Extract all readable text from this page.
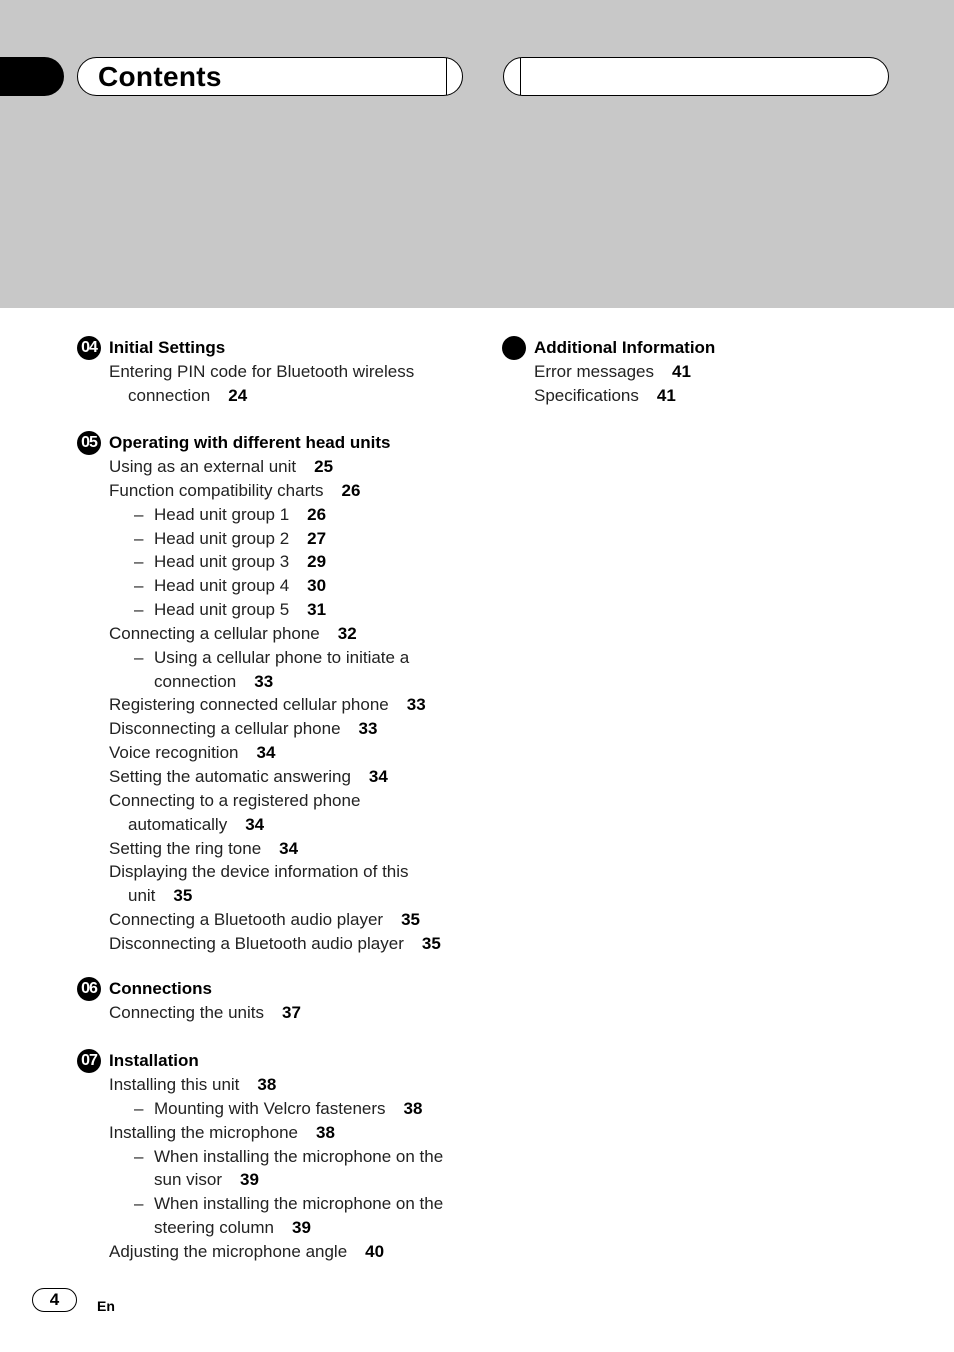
Contents
04 Initial Settings
Entering PIN code for Bluetooth wireless
connection 24
05 Operating with different head units
Using as an external unit 25
Function compatibility charts 26
– Head unit group 1 26
– Head unit group 2 27
– Head unit group 3 29
– Head unit group 4 30
– Head unit group 5 31
Connecting a cellular phone 32
– Using a cellular phone to initiate a
connection 33
Registering connected cellular phone 33
Disconnecting a cellular phone 33
Voice recognition 34
Setting the automatic answering 34
Connecting to a registered phone
automatically 34
Setting the ring tone 34
Displaying the device information of this
unit 35
Connecting a Bluetooth audio player 35
Disconnecting a Bluetooth audio player 35
06 Connections
Connecting the units 37
07 Installation
Installing this unit 38
– Mounting with Velcro fasteners 38
Installing the microphone 38
– When installing the microphone on the
sun visor 39
– When installing the microphone on the
steering column 39
Adjusting the microphone angle 40
Additional Information
Error messages 41
Specifications 41
4	En
